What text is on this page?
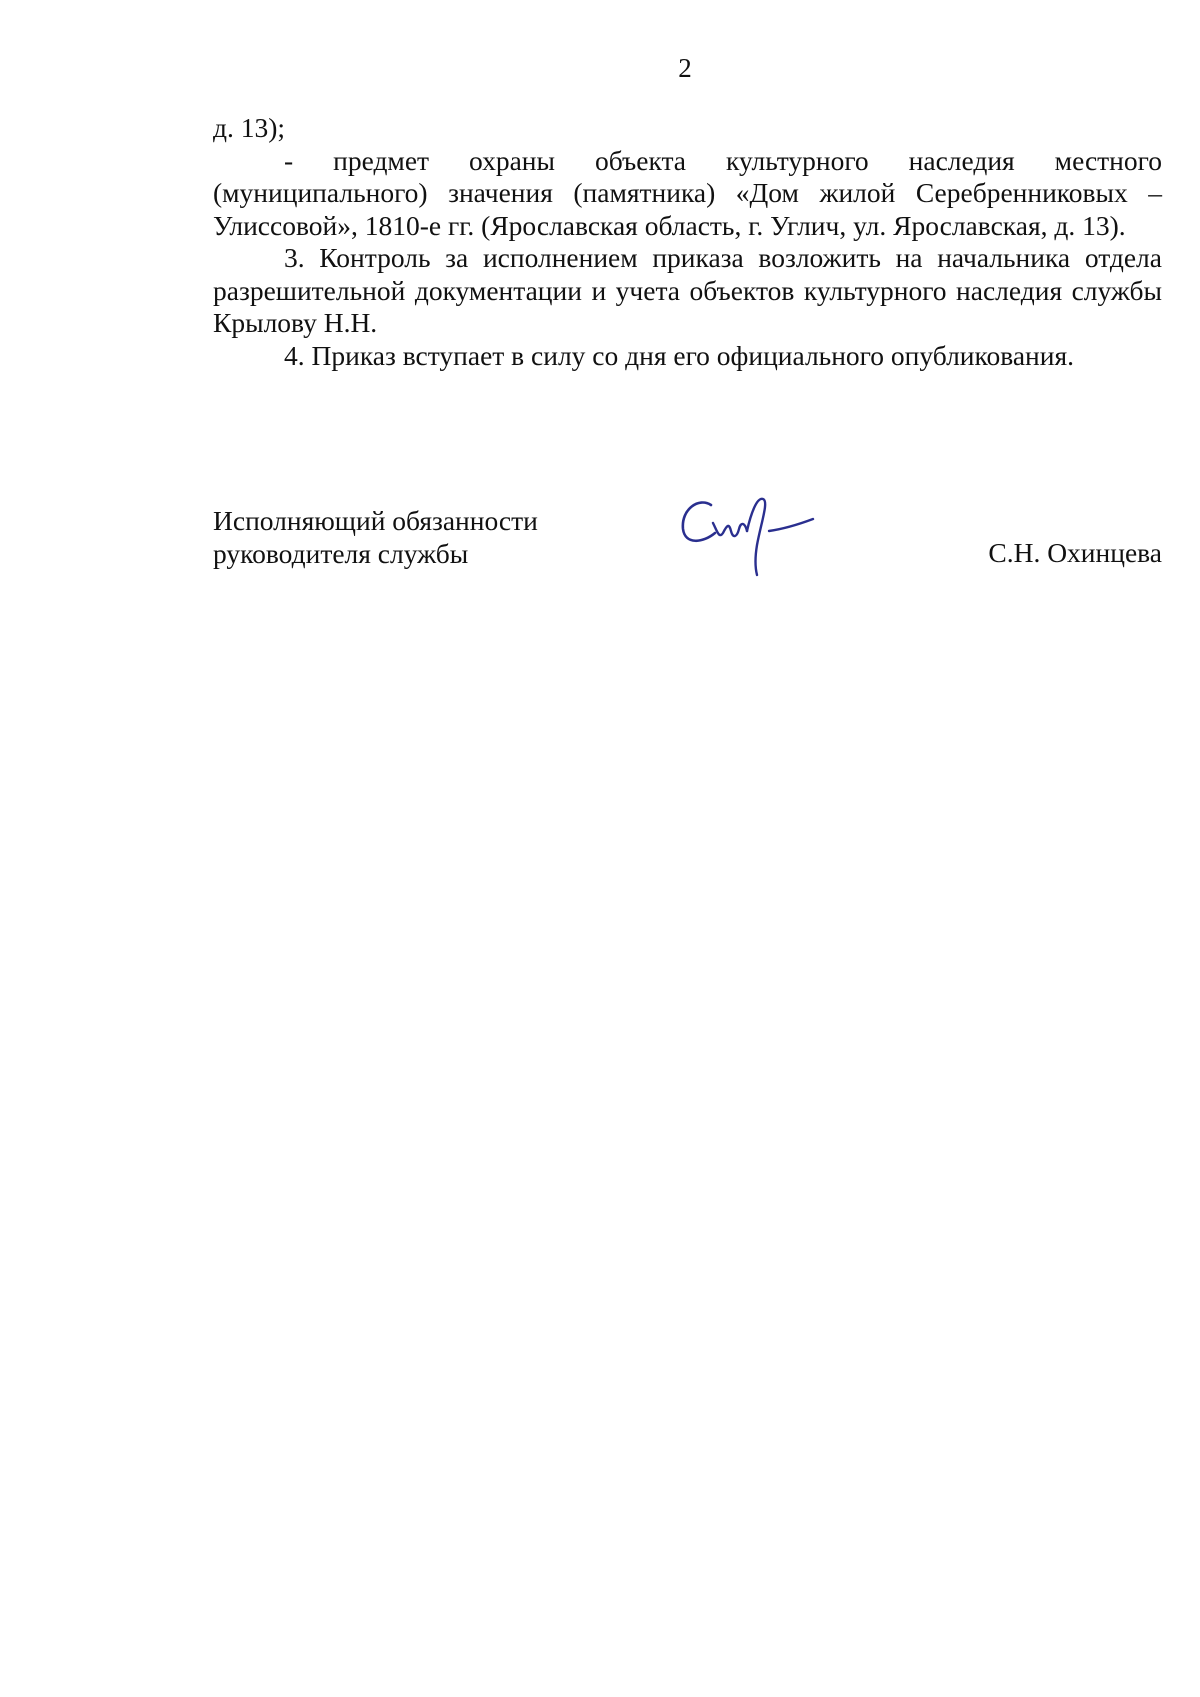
2

д. 13);

- предмет охраны объекта культурного наследия местного (муниципального) значения (памятника) «Дом жилой Серебренниковых – Улиссовой», 1810-е гг. (Ярославская область, г. Углич, ул. Ярославская, д. 13).

3. Контроль за исполнением приказа возложить на начальника отдела разрешительной документации и учета объектов культурного наследия службы Крылову Н.Н.

4. Приказ вступает в силу со дня его официального опубликования.

Исполняющий обязанности
руководителя службы	С.Н. Охинцева
